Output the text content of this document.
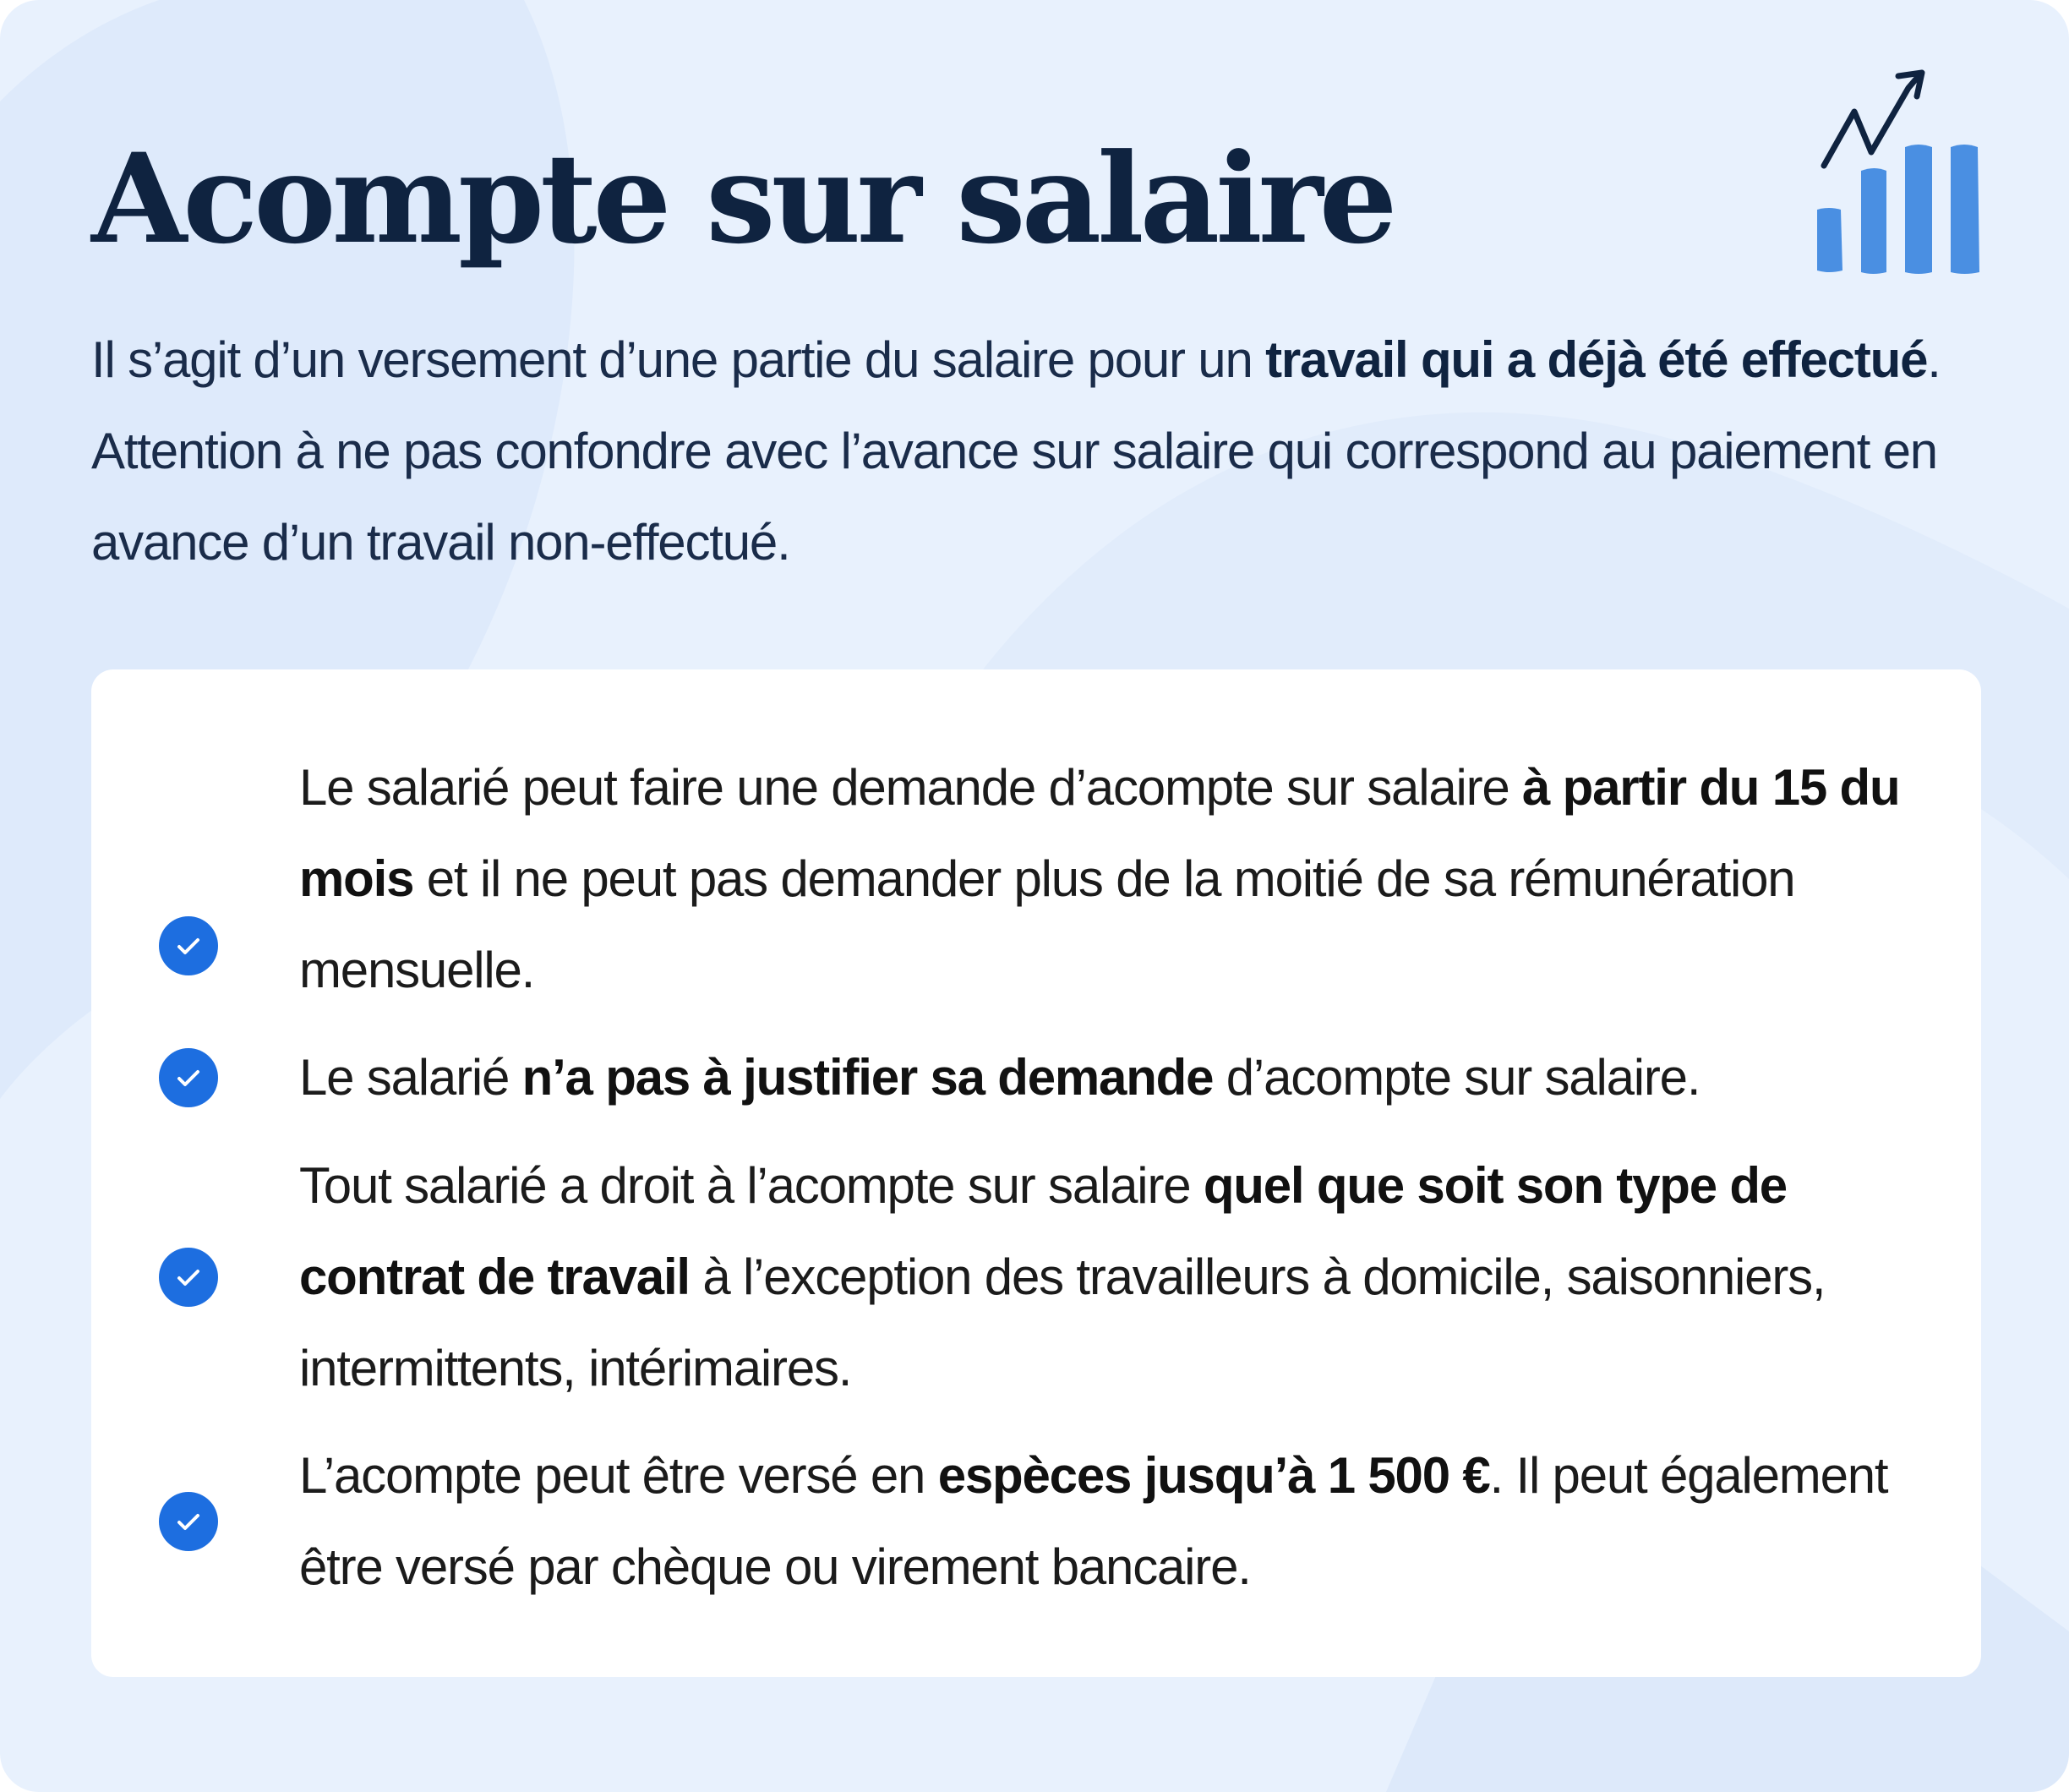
Acompte sur salaire

Il s’agit d’un versement d’une partie du salaire pour un travail qui a déjà été effectué. Attention à ne pas confondre avec l’avance sur salaire qui correspond au paiement en avance d’un travail non-effectué.

Le salarié peut faire une demande d’acompte sur salaire à partir du 15 du mois et il ne peut pas demander plus de la moitié de sa rémunération mensuelle.

Le salarié n’a pas à justifier sa demande d’acompte sur salaire.

Tout salarié a droit à l’acompte sur salaire quel que soit son type de contrat de travail à l’exception des travailleurs à domicile, saisonniers, intermittents, intérimaires.

L’acompte peut être versé en espèces jusqu’à 1 500 €. Il peut également être versé par chèque ou virement bancaire.
